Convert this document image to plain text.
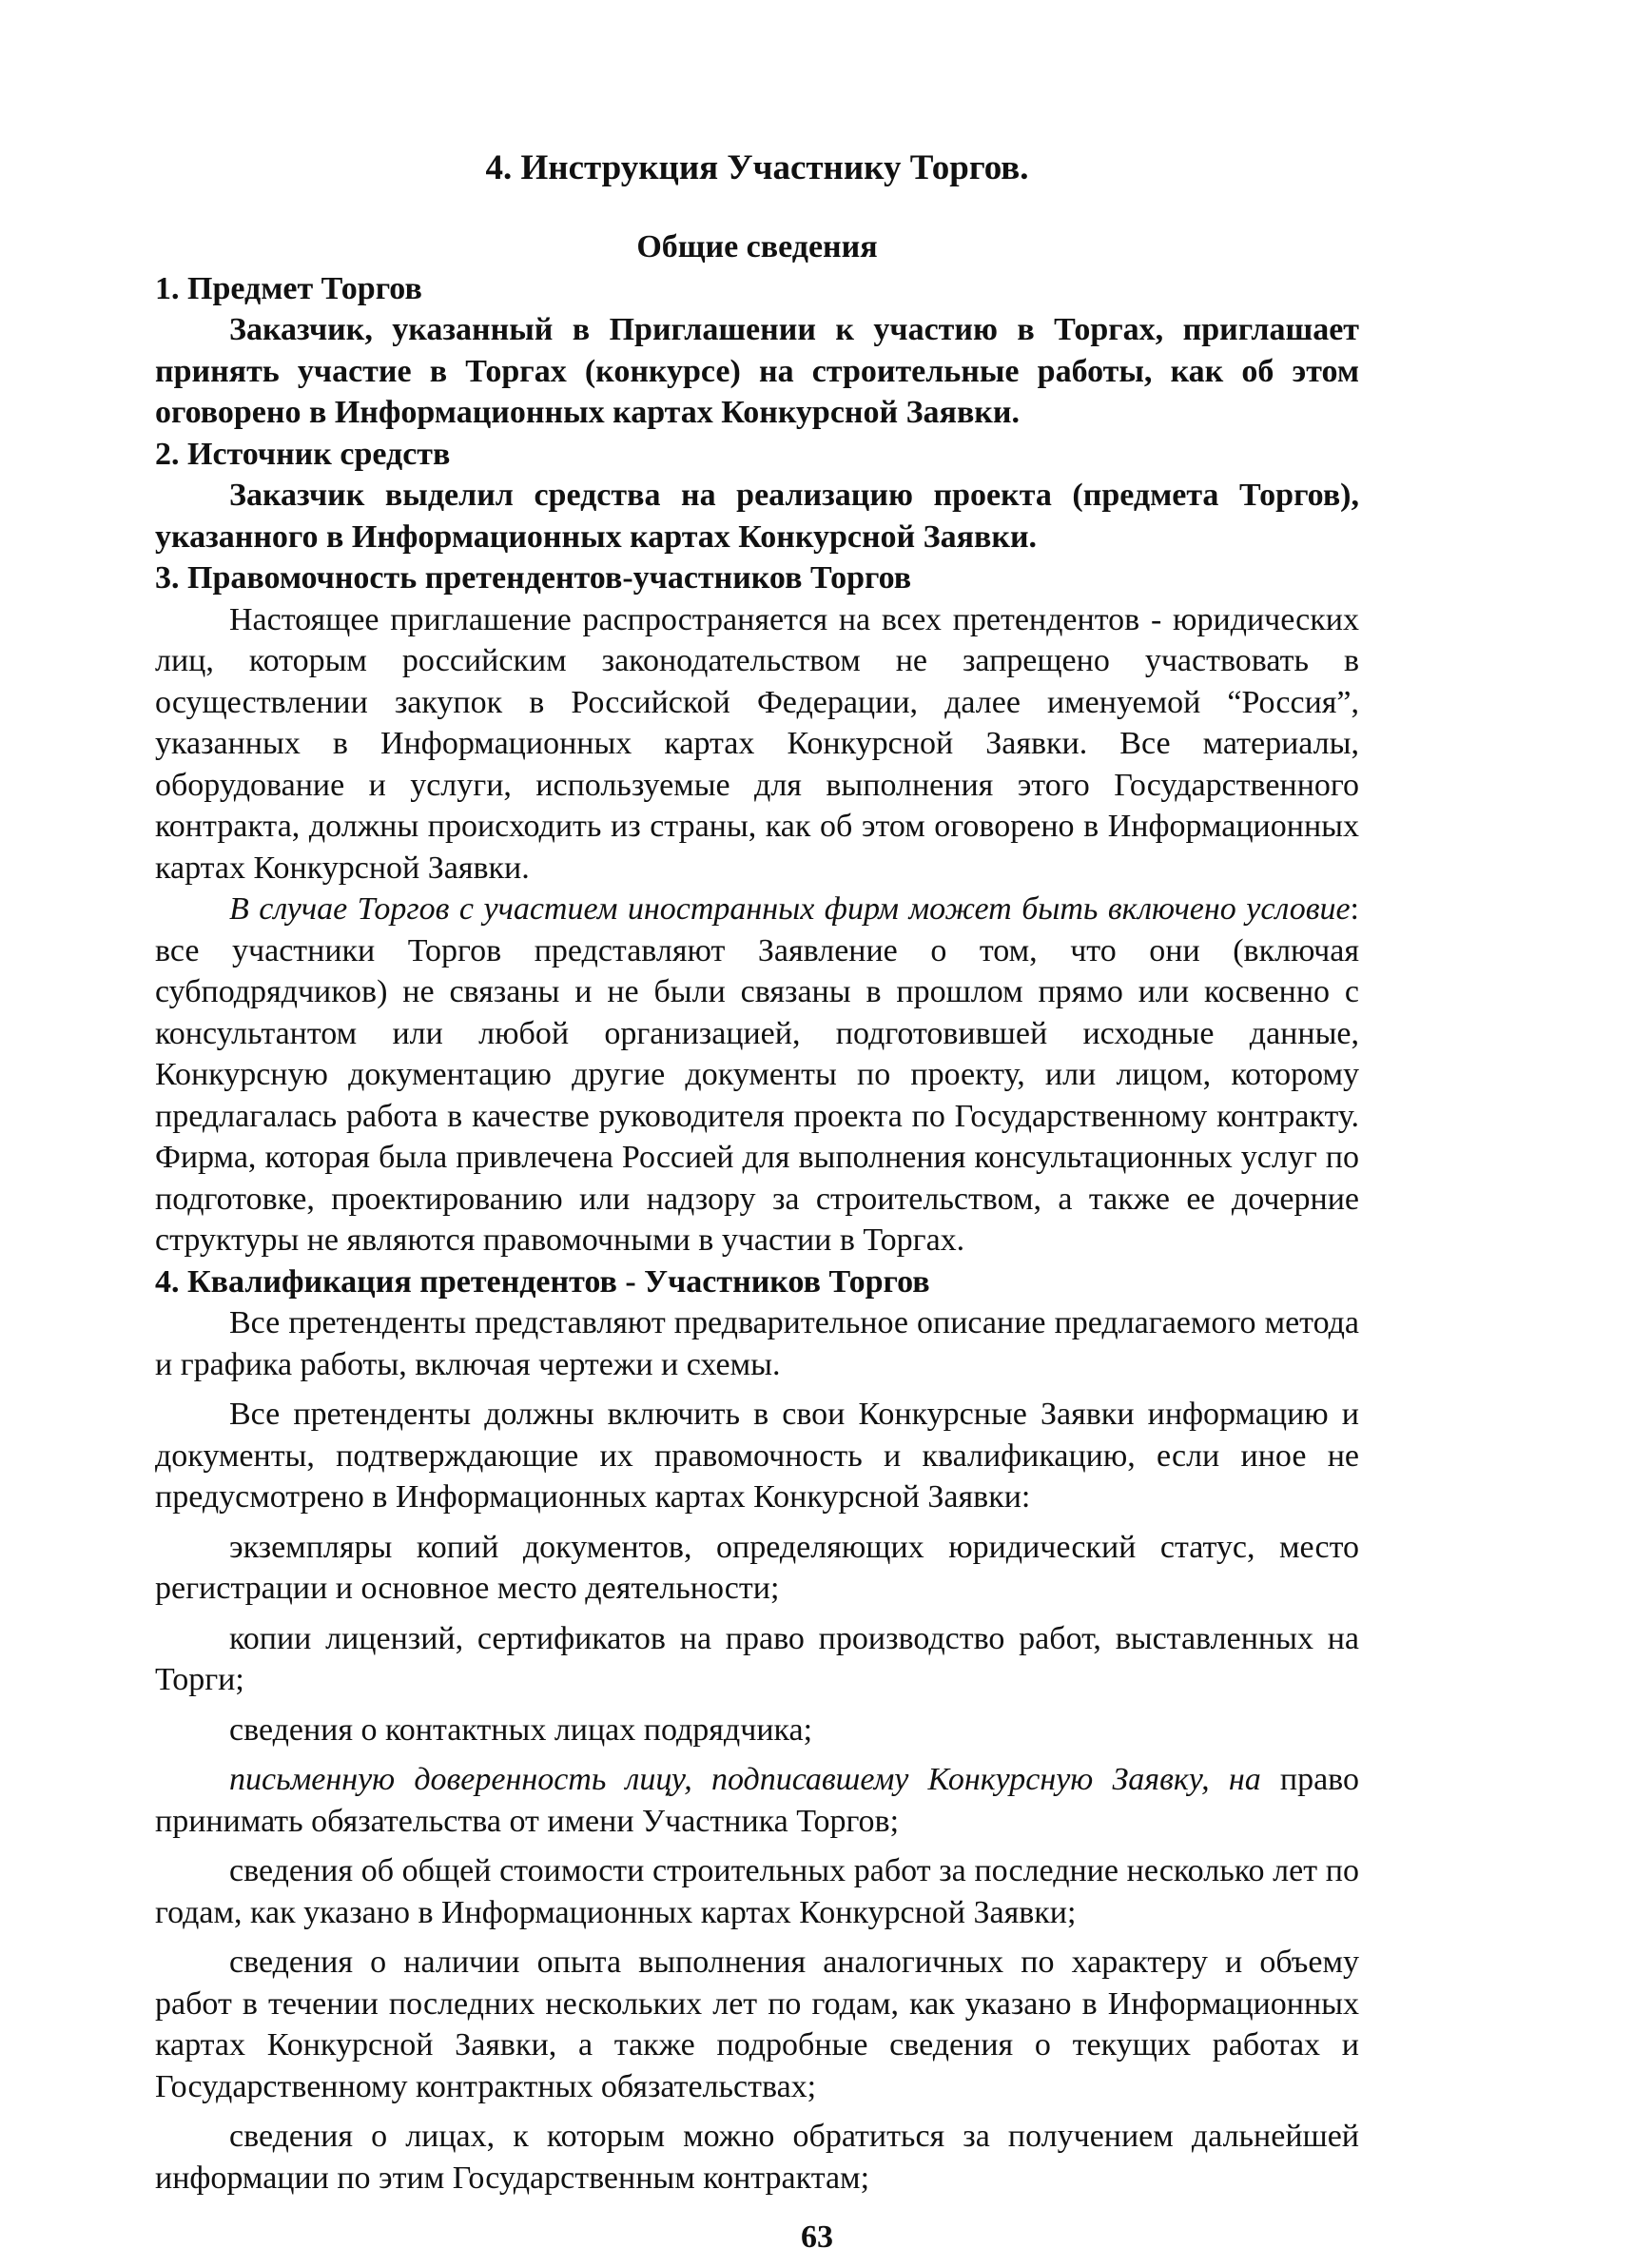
4. Инструкция Участнику Торгов.
Общие сведения

1. Предмет Торгов

Заказчик, указанный в Приглашении к участию в Торгах, приглашает принять участие в Торгах (конкурсе) на строительные работы, как об этом оговорено в Информационных картах Конкурсной Заявки.

2. Источник средств

Заказчик выделил средства на реализацию проекта (предмета Торгов), указанного в Информационных картах Конкурсной Заявки.

3. Правомочность претендентов-участников Торгов

Настоящее приглашение распространяется на всех претендентов - юридических лиц, которым российским законодательством не запрещено участвовать в осуществлении закупок в Российской Федерации, далее именуемой “Россия”, указанных в Информационных картах Конкурсной Заявки. Все материалы, оборудование и услуги, используемые для выполнения этого Государственного контракта, должны происходить из страны, как об этом оговорено в Информационных картах Конкурсной Заявки.

В случае Торгов с участием иностранных фирм может быть включено условие: все участники Торгов представляют Заявление о том, что они (включая субподрядчиков) не связаны и не были связаны в прошлом прямо или косвенно с консультантом или любой организацией, подготовившей исходные данные, Конкурсную документацию другие документы по проекту, или лицом, которому предлагалась работа в качестве руководителя проекта по Государственному контракту. Фирма, которая была привлечена Россией для выполнения консультационных услуг по подготовке, проектированию или надзору за строительством, а также ее дочерние структуры не являются правомочными в участии в Торгах.

4. Квалификация претендентов - Участников Торгов

Все претенденты представляют предварительное описание предлагаемого метода и графика работы, включая чертежи и схемы.

Все претенденты должны включить в свои Конкурсные Заявки информацию и документы, подтверждающие их правомочность и квалификацию, если иное не предусмотрено в Информационных картах Конкурсной Заявки:

экземпляры копий документов, определяющих юридический статус, место регистрации и основное место деятельности;

копии лицензий, сертификатов на право производство работ, выставленных на Торги;

сведения о контактных лицах подрядчика;

письменную доверенность лицу, подписавшему Конкурсную Заявку, на право принимать обязательства от имени Участника Торгов;

сведения об общей стоимости строительных работ за последние несколько лет по годам, как указано в Информационных картах Конкурсной Заявки;

сведения о наличии опыта выполнения аналогичных по характеру и объему работ в течении последних нескольких лет по годам, как указано в Информационных картах Конкурсной Заявки, а также подробные сведения о текущих работах и Государственному контрактных обязательствах;

сведения о лицах, к которым можно обратиться за получением дальнейшей информации по этим Государственным контрактам;

63
